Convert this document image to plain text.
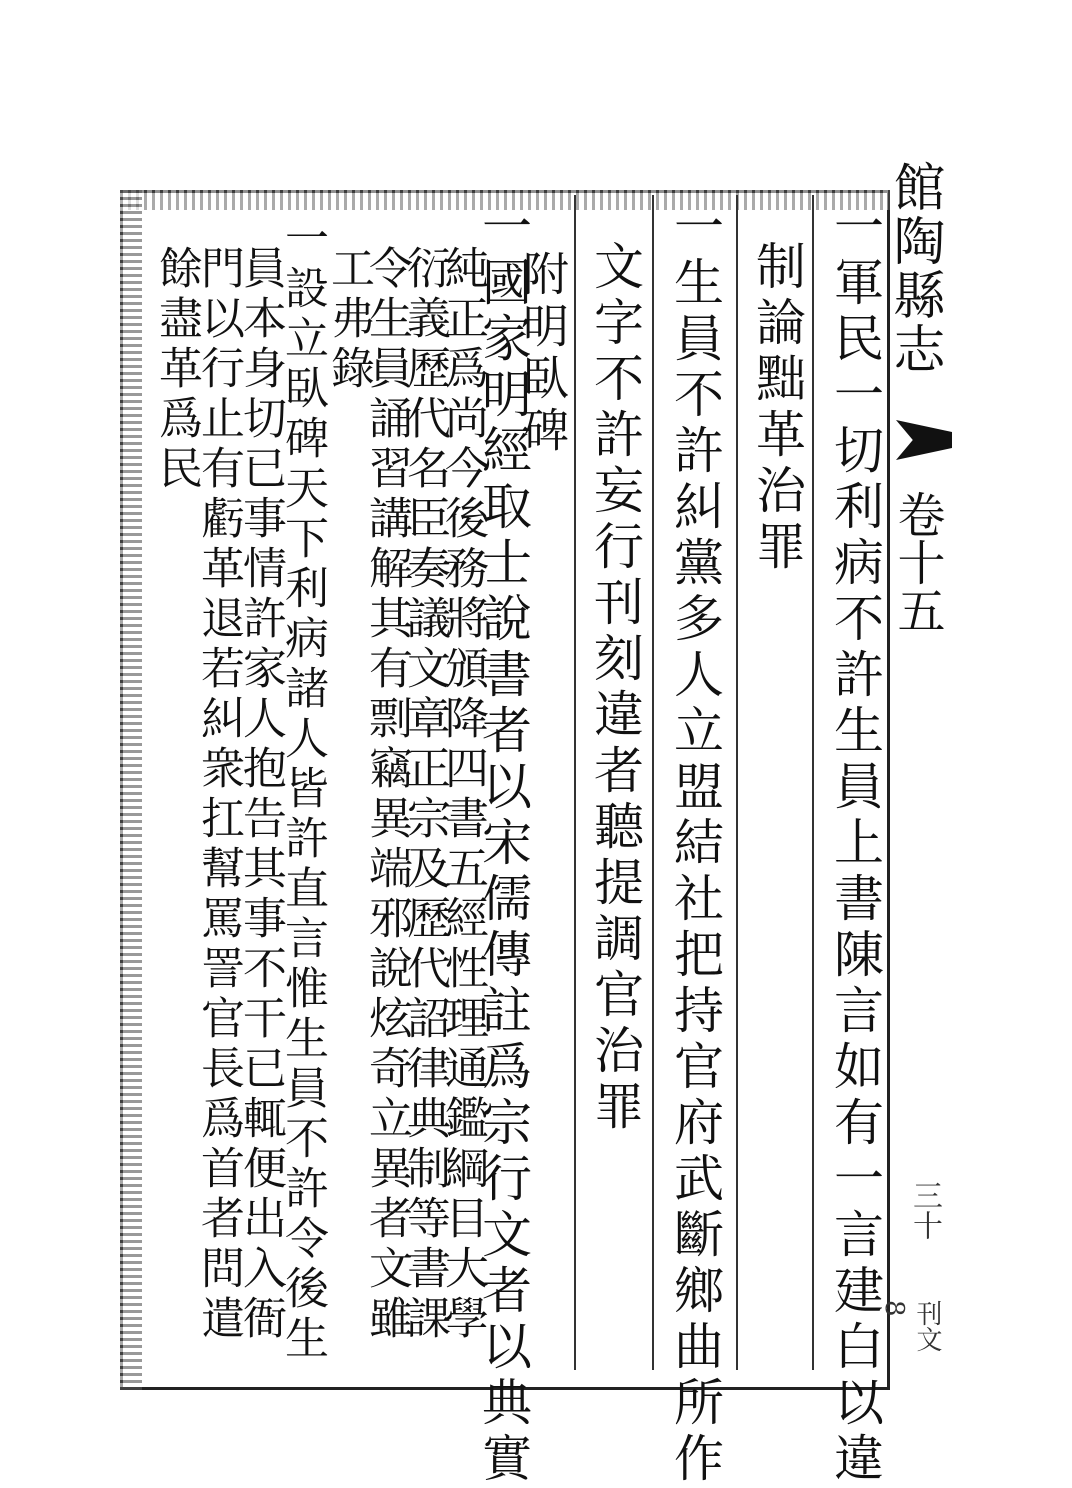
館陶縣志
卷十五
三十
刊文8
一軍民一切利病不許生員上書陳言如有一言建白以違
制論黜革治罪
一生員不許糾黨多人立盟結社把持官府武斷鄉曲所作
文字不許妄行刊刻違者聽提調官治罪
附明臥碑
一國家明經取士說書者以宋儒傳註爲宗行文者以典實
純正爲尚今後務將頒降四書五經性理通鑑綱目大學
衍義歷代名臣奏議文章正宗及歷代詔律典制等書課
令生員誦習講解其有剽竊異端邪說炫奇立異者文雖
工弗錄
一設立臥碑天下利病諸人皆許直言惟生員不許令後生
員本身切已事情許家人抱告其事不干已輒便出入衙
門以行止有虧革退若糾衆扛幫罵詈官長爲首者問遣
餘盡革爲民
